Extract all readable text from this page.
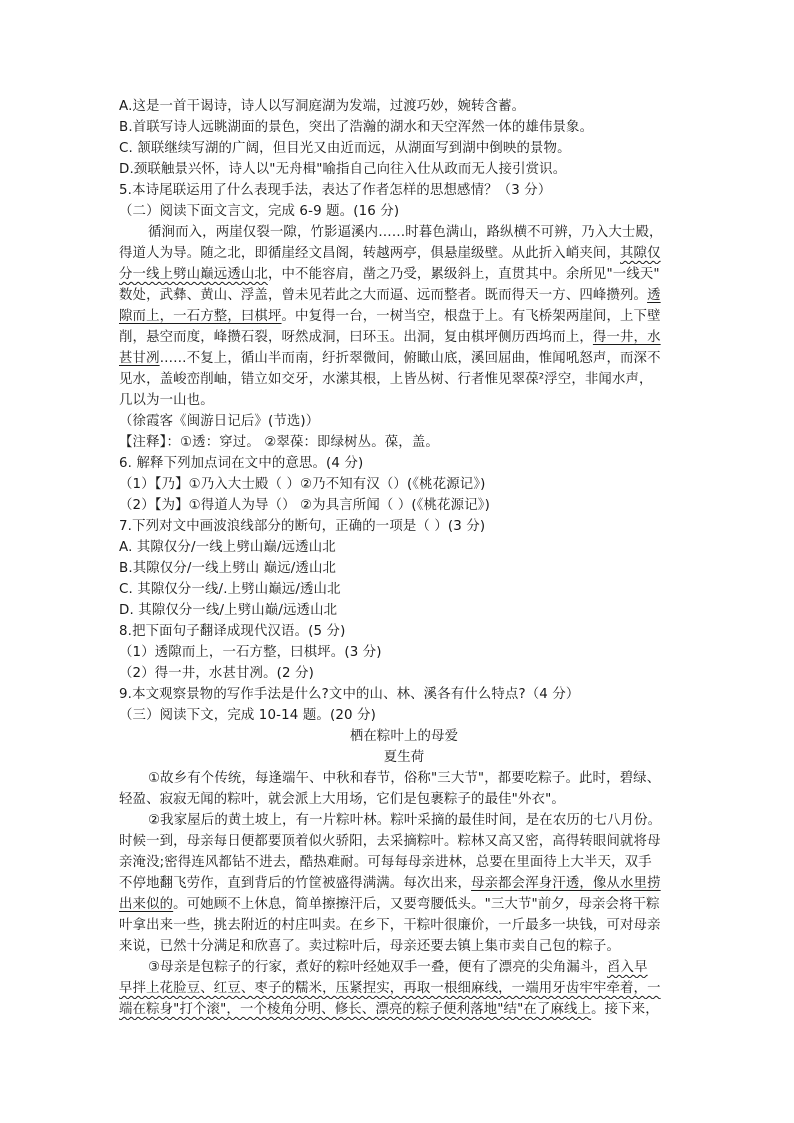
A.这是一首干谒诗，诗人以写洞庭湖为发端，过渡巧妙，婉转含蓄。
B.首联写诗人远眺湖面的景色，突出了浩瀚的湖水和天空浑然一体的雄伟景象。
C. 颔联继续写湖的广阔，但目光又由近而远，从湖面写到湖中倒映的景物。
D.颈联触景兴怀，诗人以"无舟楫"喻指自己向往入仕从政而无人接引赏识。
5.本诗尾联运用了什么表现手法，表达了作者怎样的思想感情？（3 分）
（二）阅读下面文言文，完成 6-9 题。(16 分)
循涧而入，两崖仅裂一隙，竹影逼溪内……时暮色满山，路纵横不可辨，乃入大士殿，
得道人为导。随之北，即循崖经文昌阁，转越两亭，俱悬崖级壁。从此折入峭夹间，其隙仅
分一线上劈山巅远透山北，中不能容肩，凿之乃受，累级斜上，直贯其中。余所见"一线天"
数处，武彝、黄山、浮盖，曾未见若此之大而逼、远而整者。既而得天一方、四峰攒列。透
隙而上，一石方整，曰棋坪。中复得一台，一树当空，根盘于上。有飞桥架两崖间，上下壁
削，悬空而度，峰攒石裂，呀然成洞，曰环玉。出洞，复由棋坪侧历西坞而上，得一井，水
甚甘冽……不复上，循山半而南，纡折翠微间，俯瞰山底，溪回屈曲，惟闻吼怒声，而深不
见水，盖峻峦削岫，错立如交牙，水潆其根，上皆丛树、行者惟见翠葆²浮空，非闻水声，
几以为一山也。
（徐霞客《闽游日记后》(节选)）
【注释】：①透：穿过。 ②翠葆：即绿树丛。葆，盖。
6. 解释下列加点词在文中的意思。(4 分)
（1）【乃】①乃入大士殿（ ）②乃不知有汉（）(《桃花源记》)
（2）【为】①得道人为导（） ②为具言所闻（ ）(《桃花源记》)
7.下列对文中画波浪线部分的断句，正确的一项是（ ）(3 分)
A. 其隙仅分/一线上劈山巅/远透山北
B.其隙仅分/一线上劈山 巅远/透山北
C. 其隙仅分一线/.上劈山巅远/透山北
D. 其隙仅分一线/上劈山巅/远透山北
8.把下面句子翻译成现代汉语。(5 分)
（1）透隙而上，一石方整，曰棋坪。(3 分)
（2）得一井，水甚甘冽。(2 分)
9.本文观察景物的写作手法是什么?文中的山、林、溪各有什么特点?（4 分）
（三）阅读下文，完成 10-14 题。(20 分)
栖在粽叶上的母爱
夏生荷
①故乡有个传统，每逢端午、中秋和春节，俗称"三大节"，都要吃粽子。此时，碧绿、
轻盈、寂寂无闻的粽叶，就会派上大用场，它们是包裹粽子的最佳"外衣"。
②我家屋后的黄土坡上，有一片粽叶林。粽叶采摘的最佳时间，是在农历的七八月份。
时候一到，母亲每日便都要顶着似火骄阳，去采摘粽叶。粽林又高又密，高得转眼间就将母
亲淹没;密得连风都钻不进去，酷热难耐。可每每母亲进林，总要在里面待上大半天，双手
不停地翻飞劳作，直到背后的竹筐被盛得满满。每次出来，母亲都会浑身汗透，像从水里捞
出来似的。可她顾不上休息，简单擦擦汗后，又要弯腰低头。"三大节"前夕，母亲会将干粽
叶拿出来一些，挑去附近的村庄叫卖。在乡下，干粽叶很廉价，一斤最多一块钱，可对母亲
来说，已然十分满足和欣喜了。卖过粽叶后，母亲还要去镇上集市卖自己包的粽子。
③母亲是包粽子的行家，煮好的粽叶经她双手一叠，便有了漂亮的尖角漏斗，舀入早
早拌上花脸豆、红豆、枣子的糯米，压紧捏实，再取一根细麻线，一端用牙齿牢牢牵着，一
端在粽身"打个滚"，一个棱角分明、修长、漂亮的粽子便利落地"结"在了麻线上。接下来，
